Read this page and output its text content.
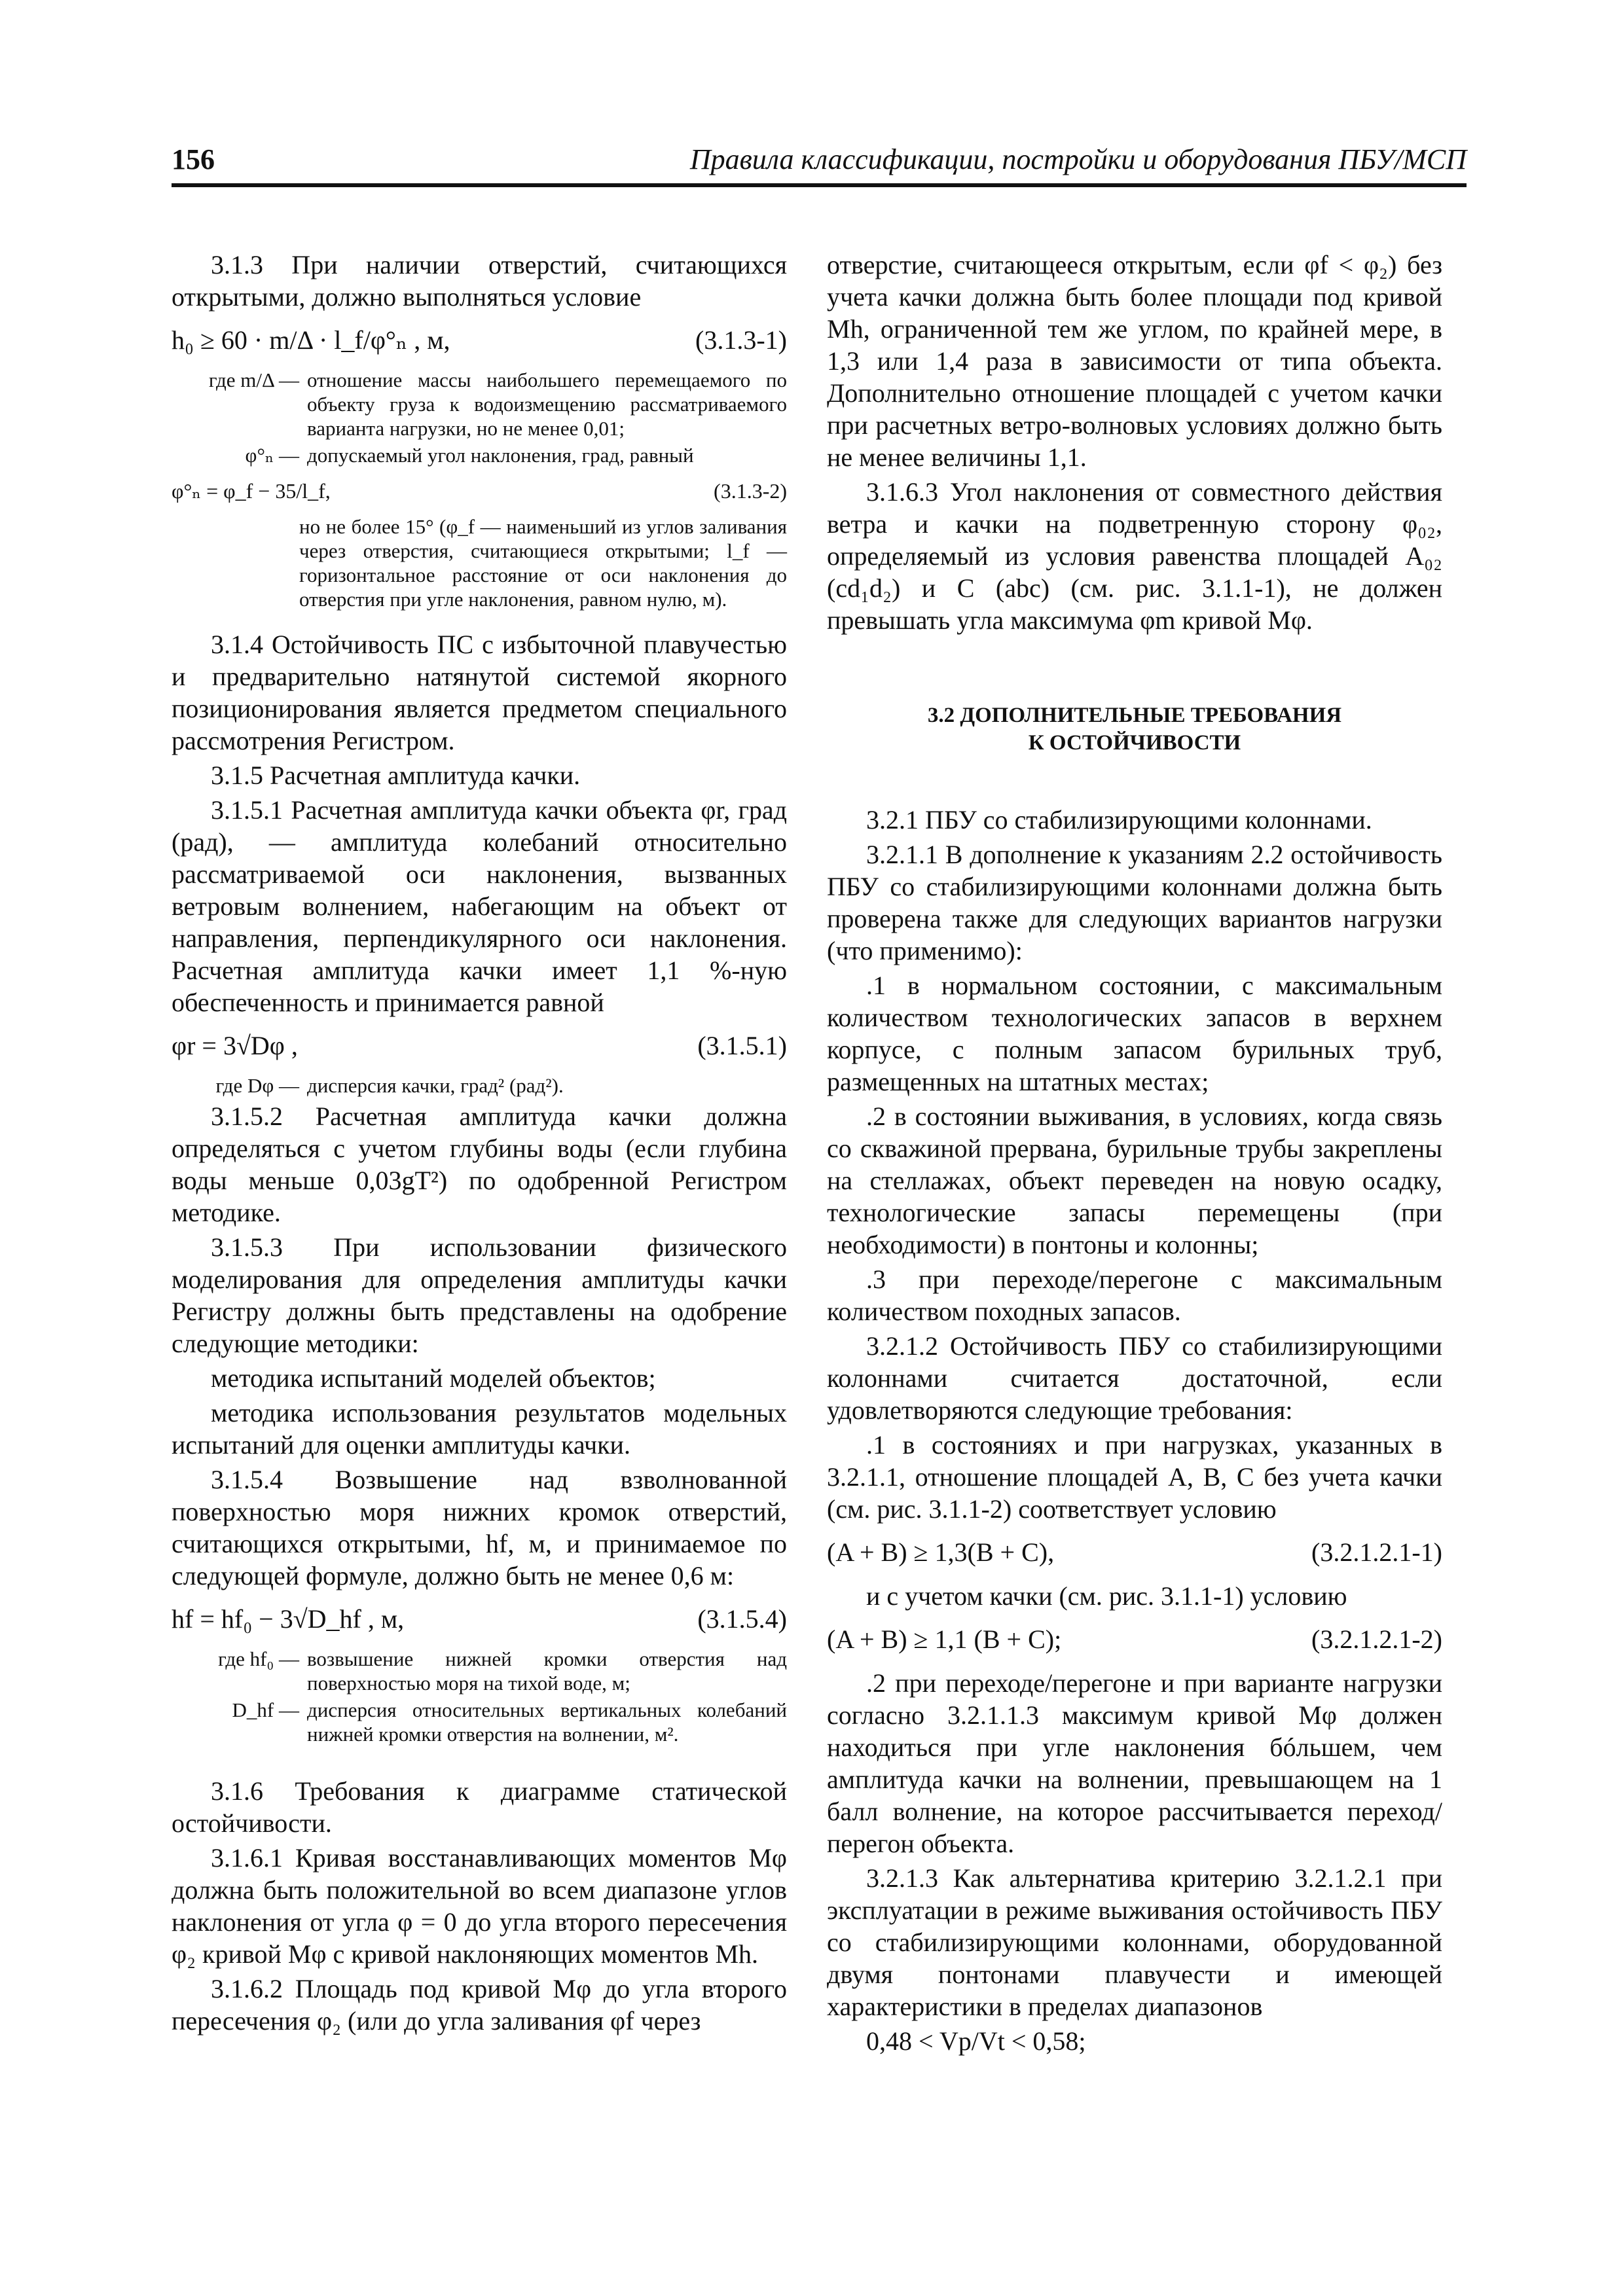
156	Правила классификации, постройки и оборудования ПБУ/МСП

3.1.3 При наличии отверстий, считающихся открытыми, должно выполняться условие

h₀ ≥ 60 · m/Δ · l_f/φ°ₙ , м,	(3.1.3-1)
где m/Δ — отношение массы наибольшего перемещаемого по объекту груза к водоизмещению рассматриваемого варианта нагрузки, но не менее 0,01;
φ°ₙ — допускаемый угол наклонения, град, равный
φ°ₙ = φ_f − 35/l_f,	(3.1.3-2)

но не более 15° (φ_f — наименьший из углов заливания через отверстия, считающиеся открытыми; l_f — горизонтальное расстояние от оси наклонения до отверстия при угле наклонения, равном нулю, м).

3.1.4 Остойчивость ПС с избыточной плавучестью и предварительно натянутой системой якорного позиционирования является предметом специального рассмотрения Регистром.

3.1.5 Расчетная амплитуда качки.

3.1.5.1 Расчетная амплитуда качки объекта φr, град (рад), — амплитуда колебаний относительно рассматриваемой оси наклонения, вызванных ветровым волнением, набегающим на объект от направления, перпендикулярного оси наклонения. Расчетная амплитуда качки имеет 1,1 %-ную обеспеченность и принимается равной

φr = 3√Dφ ,	(3.1.5.1)
где Dφ — дисперсия качки, град² (рад²).

3.1.5.2 Расчетная амплитуда качки должна определяться с учетом глубины воды (если глубина воды меньше 0,03gT²) по одобренной Регистром методике.

3.1.5.3 При использовании физического моделирования для определения амплитуды качки Регистру должны быть представлены на одобрение следующие методики:

методика испытаний моделей объектов;

методика использования результатов модельных испытаний для оценки амплитуды качки.

3.1.5.4 Возвышение над взволнованной поверхностью моря нижних кромок отверстий, считающихся открытыми, hf, м, и принимаемое по следующей формуле, должно быть не менее 0,6 м:

hf = hf₀ − 3√D_hf , м,	(3.1.5.4)
где hf₀ — возвышение нижней кромки отверстия над поверхностью моря на тихой воде, м;
D_hf — дисперсия относительных вертикальных колебаний нижней кромки отверстия на волнении, м².

3.1.6 Требования к диаграмме статической остойчивости.

3.1.6.1 Кривая восстанавливающих моментов Mφ должна быть положительной во всем диапазоне углов наклонения от угла φ = 0 до угла второго пересечения φ₂ кривой Mφ с кривой наклоняющих моментов Mh.

3.1.6.2 Площадь под кривой Mφ до угла второго пересечения φ₂ (или до угла заливания φf через

отверстие, считающееся открытым, если φf < φ₂) без учета качки должна быть более площади под кривой Mh, ограниченной тем же углом, по крайней мере, в 1,3 или 1,4 раза в зависимости от типа объекта. Дополнительно отношение площадей с учетом качки при расчетных ветро-волновых условиях должно быть не менее величины 1,1.

3.1.6.3 Угол наклонения от совместного действия ветра и качки на подветренную сторону φ₀₂, определяемый из условия равенства площадей A₀₂ (cd₁d₂) и C (abc) (см. рис. 3.1.1-1), не должен превышать угла максимума φm кривой Mφ.

3.2 ДОПОЛНИТЕЛЬНЫЕ ТРЕБОВАНИЯ
К ОСТОЙЧИВОСТИ

3.2.1 ПБУ со стабилизирующими колоннами.

3.2.1.1 В дополнение к указаниям 2.2 остойчивость ПБУ со стабилизирующими колоннами должна быть проверена также для следующих вариантов нагрузки (что применимо):

.1 в нормальном состоянии, с максимальным количеством технологических запасов в верхнем корпусе, с полным запасом бурильных труб, размещенных на штатных местах;

.2 в состоянии выживания, в условиях, когда связь со скважиной прервана, бурильные трубы закреплены на стеллажах, объект переведен на новую осадку, технологические запасы перемещены (при необходимости) в понтоны и колонны;

.3 при переходе/перегоне с максимальным количеством походных запасов.

3.2.1.2 Остойчивость ПБУ со стабилизирующими колоннами считается достаточной, если удовлетворяются следующие требования:

.1 в состояниях и при нагрузках, указанных в 3.2.1.1, отношение площадей A, B, C без учета качки (см. рис. 3.1.1-2) соответствует условию

(A + B) ≥ 1,3(B + C),	(3.2.1.2.1-1)

и с учетом качки (см. рис. 3.1.1-1) условию

(A + B) ≥ 1,1 (B + C);	(3.2.1.2.1-2)

.2 при переходе/перегоне и при варианте нагрузки согласно 3.2.1.1.3 максимум кривой Mφ должен находиться при угле наклонения бóльшем, чем амплитуда качки на волнении, превышающем на 1 балл волнение, на которое рассчитывается переход/перегон объекта.

3.2.1.3 Как альтернатива критерию 3.2.1.2.1 при эксплуатации в режиме выживания остойчивость ПБУ со стабилизирующими колоннами, оборудованной двумя понтонами плавучести и имеющей характеристики в пределах диапазонов

0,48 < Vp/Vt < 0,58;
